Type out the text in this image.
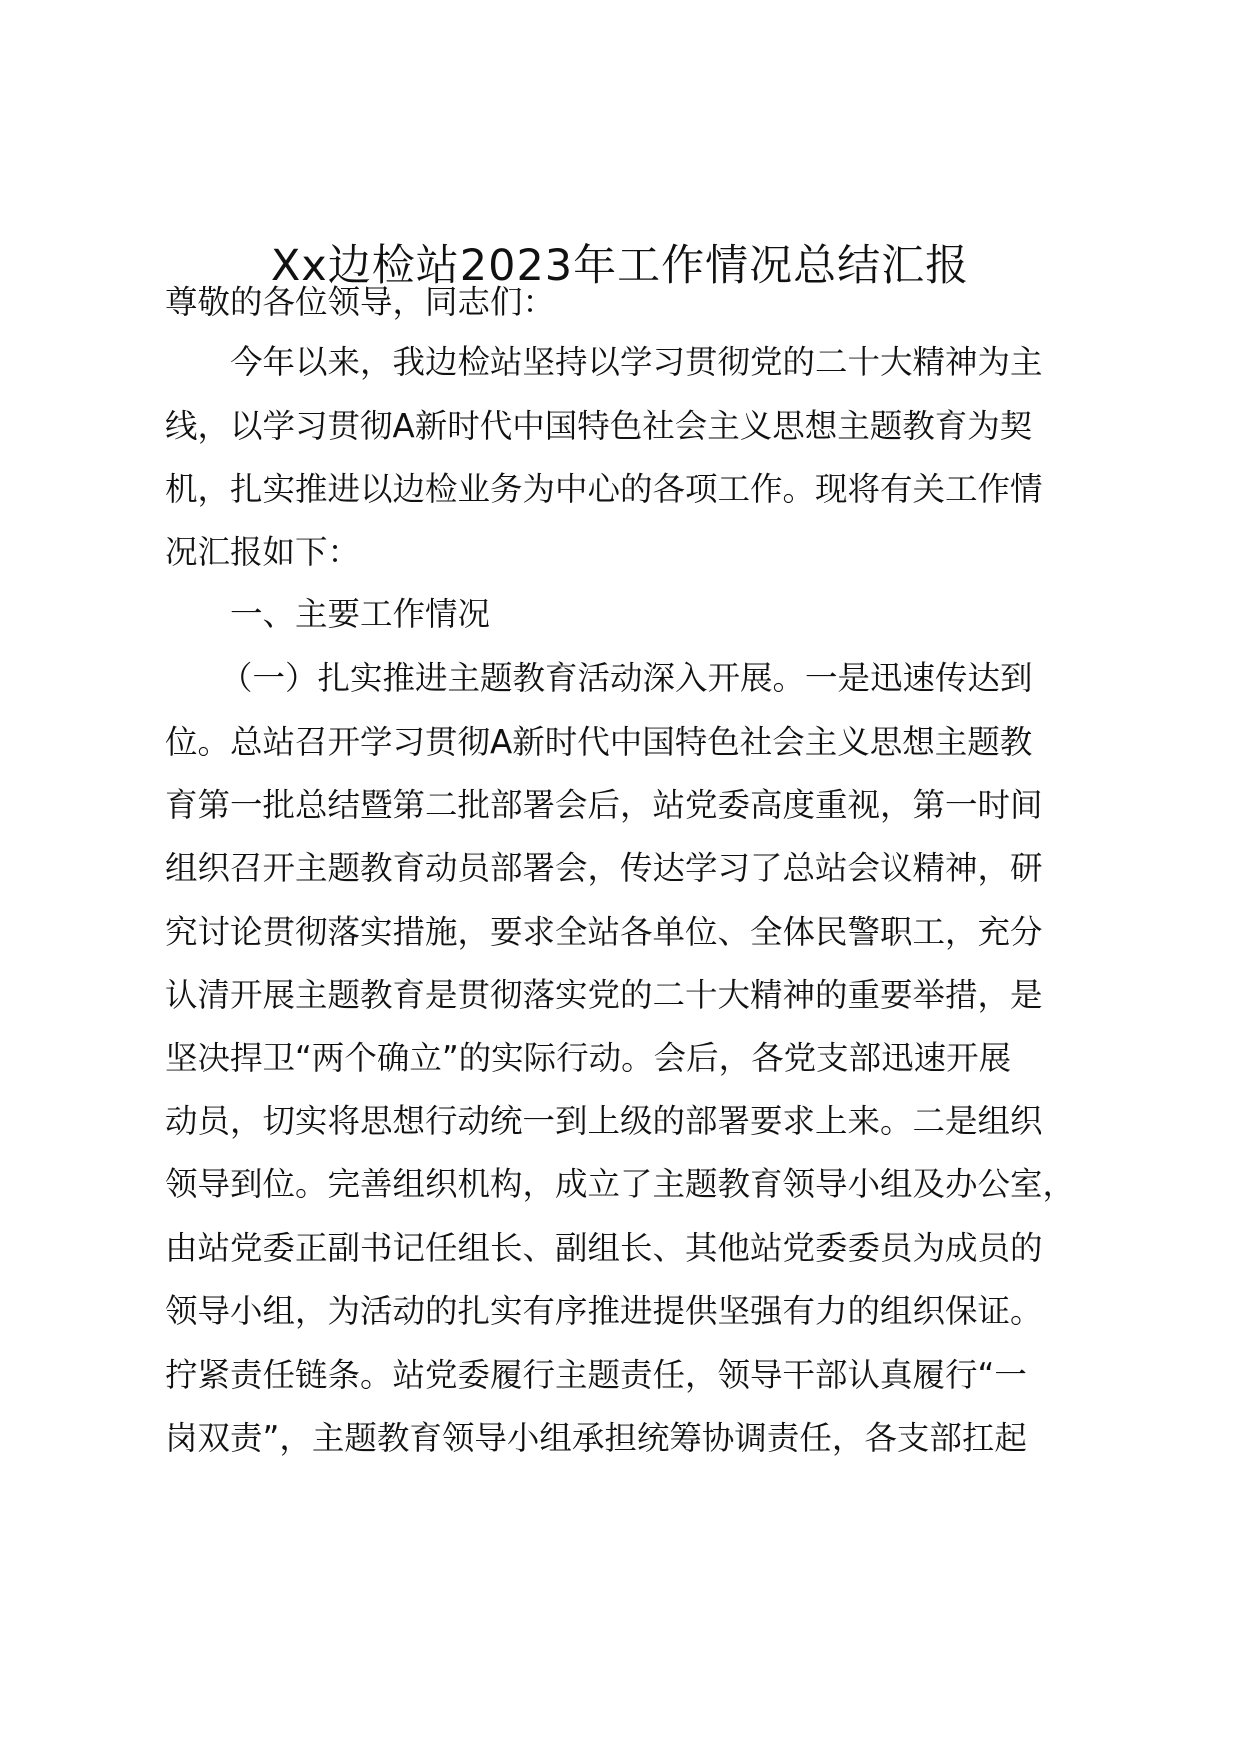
Xx边检站2023年工作情况总结汇报
尊敬的各位领导，同志们：
今年以来，我边检站坚持以学习贯彻党的二十大精神为主
线，以学习贯彻A新时代中国特色社会主义思想主题教育为契
机，扎实推进以边检业务为中心的各项工作。现将有关工作情
况汇报如下：
一、主要工作情况
（一）扎实推进主题教育活动深入开展。一是迅速传达到
位。总站召开学习贯彻A新时代中国特色社会主义思想主题教
育第一批总结暨第二批部署会后，站党委高度重视，第一时间
组织召开主题教育动员部署会，传达学习了总站会议精神，研
究讨论贯彻落实措施，要求全站各单位、全体民警职工，充分
认清开展主题教育是贯彻落实党的二十大精神的重要举措，是
坚决捍卫“两个确立”的实际行动。会后，各党支部迅速开展
动员，切实将思想行动统一到上级的部署要求上来。二是组织
领导到位。完善组织机构，成立了主题教育领导小组及办公室，
由站党委正副书记任组长、副组长、其他站党委委员为成员的
领导小组，为活动的扎实有序推进提供坚强有力的组织保证。
拧紧责任链条。站党委履行主题责任，领导干部认真履行“一
岗双责”，主题教育领导小组承担统筹协调责任，各支部扛起
